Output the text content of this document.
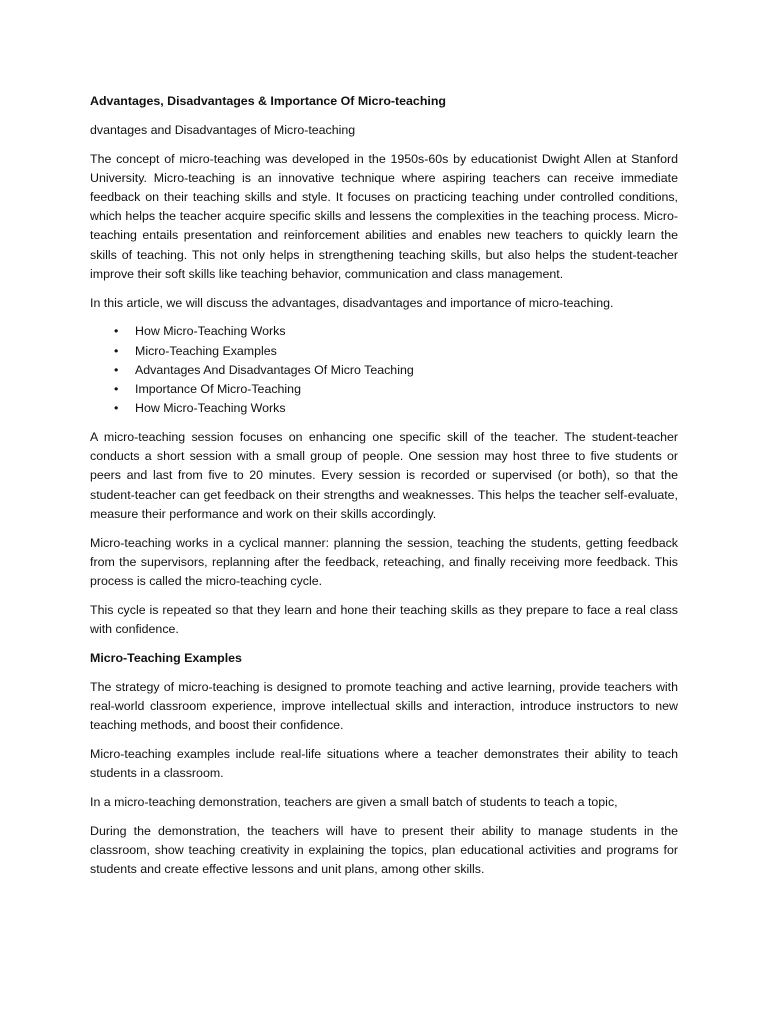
Advantages, Disadvantages & Importance Of Micro-teaching

dvantages and Disadvantages of Micro-teaching

The concept of micro-teaching was developed in the 1950s-60s by educationist Dwight Allen at Stanford University. Micro-teaching is an innovative technique where aspiring teachers can receive immediate feedback on their teaching skills and style. It focuses on practicing teaching under controlled conditions, which helps the teacher acquire specific skills and lessens the complexities in the teaching process. Micro-teaching entails presentation and reinforcement abilities and enables new teachers to quickly learn the skills of teaching. This not only helps in strengthening teaching skills, but also helps the student-teacher improve their soft skills like teaching behavior, communication and class management.

In this article, we will discuss the advantages, disadvantages and importance of micro-teaching.

• How Micro-Teaching Works
• Micro-Teaching Examples
• Advantages And Disadvantages Of Micro Teaching
• Importance Of Micro-Teaching
• How Micro-Teaching Works

A micro-teaching session focuses on enhancing one specific skill of the teacher. The student-teacher conducts a short session with a small group of people. One session may host three to five students or peers and last from five to 20 minutes. Every session is recorded or supervised (or both), so that the student-teacher can get feedback on their strengths and weaknesses. This helps the teacher self-evaluate, measure their performance and work on their skills accordingly.

Micro-teaching works in a cyclical manner: planning the session, teaching the students, getting feedback from the supervisors, replanning after the feedback, reteaching, and finally receiving more feedback. This process is called the micro-teaching cycle.

This cycle is repeated so that they learn and hone their teaching skills as they prepare to face a real class with confidence.

Micro-Teaching Examples

The strategy of micro-teaching is designed to promote teaching and active learning, provide teachers with real-world classroom experience, improve intellectual skills and interaction, introduce instructors to new teaching methods, and boost their confidence.

Micro-teaching examples include real-life situations where a teacher demonstrates their ability to teach students in a classroom.

In a micro-teaching demonstration, teachers are given a small batch of students to teach a topic,

During the demonstration, the teachers will have to present their ability to manage students in the classroom, show teaching creativity in explaining the topics, plan educational activities and programs for students and create effective lessons and unit plans, among other skills.
